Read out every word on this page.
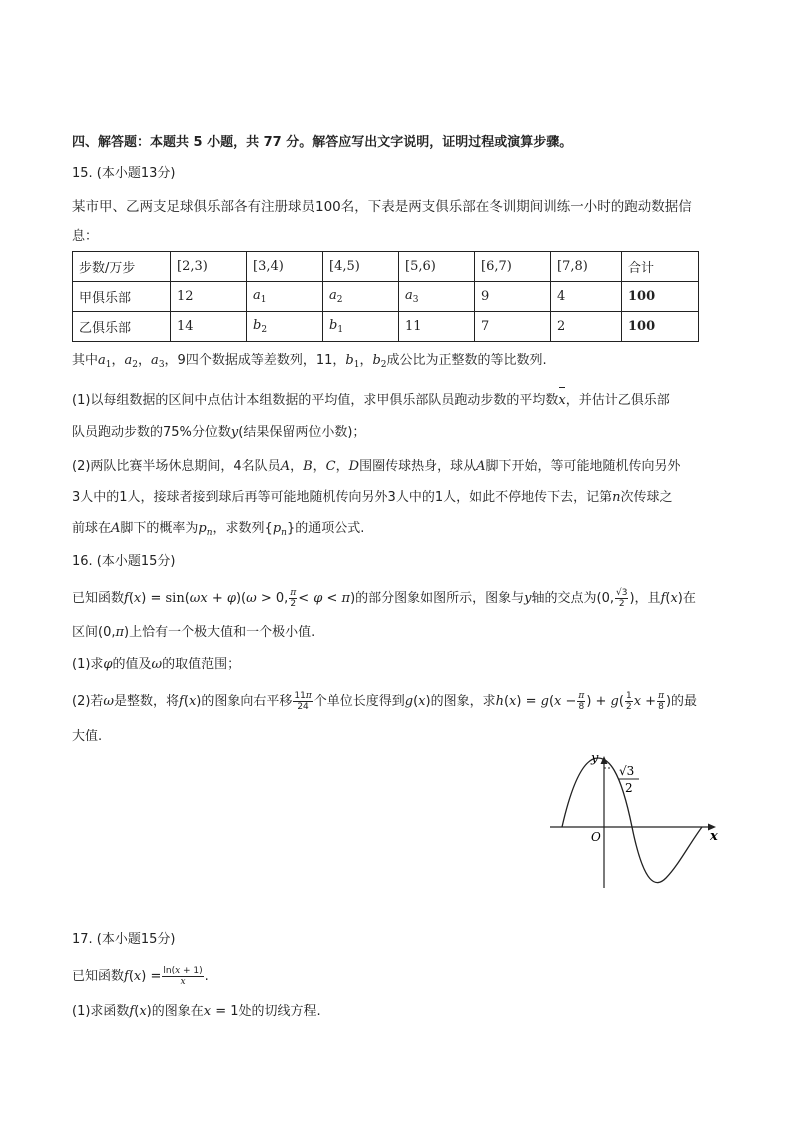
四、解答题：本题共 5 小题，共 77 分。解答应写出文字说明，证明过程或演算步骤。
15. (本小题13分)
某市甲、乙两支足球俱乐部各有注册球员100名，下表是两支俱乐部在冬训期间训练一小时的跑动数据信
息：
步数/万步	[2,3)	[3,4)	[4,5)	[5,6)	[6,7)	[7,8)	合计
甲俱乐部	12	$a_1$	$a_2$	$a_3$	9	4	100
乙俱乐部	14	$b_2$	$b_1$	11	7	2	100
其中$a_1$，$a_2$，$a_3$，9四个数据成等差数列，11，$b_1$，$b_2$成公比为正整数的等比数列.
(1)以每组数据的区间中点估计本组数据的平均值，求甲俱乐部队员跑动步数的平均数x，并估计乙俱乐部
队员跑动步数的75%分位数y(结果保留两位小数)；
(2)两队比赛半场休息期间，4名队员A，B，C，D围圈传球热身，球从A脚下开始，等可能地随机传向另外
3人中的1人，接球者接到球后再等可能地随机传向另外3人中的1人，如此不停地传下去，记第n次传球之
前球在A脚下的概率为$p_n$，求数列$\{p_n\}$的通项公式.
16. (本小题15分)
已知函数f(x) = sin(ωx + φ)(ω > 0, $\frac{\pi}{2} < \varphi < \pi$)的部分图象如图所示，图象与y轴的交点为(0, $\frac{√3}{2}$ )，且f(x)在
区间(0,π)上恰有一个极大值和一个极小值.
(1)求φ的值及ω的取值范围；
(2)若ω是整数，将f(x)的图象向右平移 $\frac{11\pi}{24}$ 个单位长度得到g(x)的图象，求$h(x) = g(x - \frac{\pi}{8}$ ) + $g( \frac{1}{2}$ $x + \frac{\pi}{8}$ )的最
大值.
y
x
O
√3
2
17. (本小题15分)
已知函数$f(x) = \frac{\ln(x + 1)}{x}$ .
(1)求函数f(x)的图象在x = 1处的切线方程.
